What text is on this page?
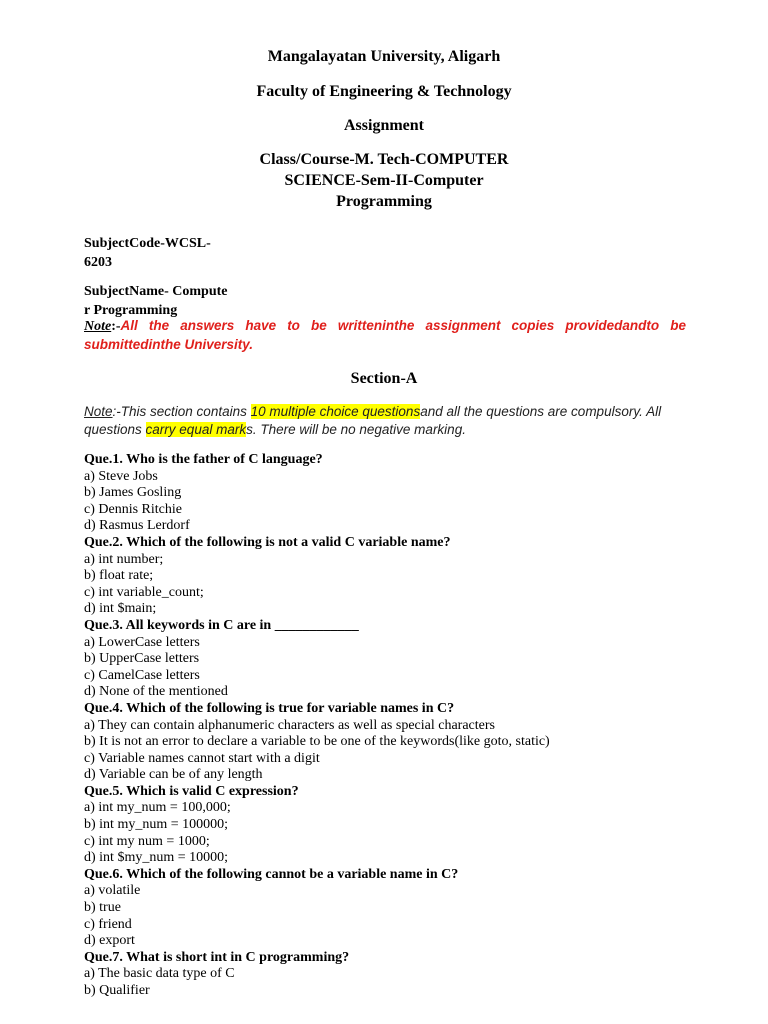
Mangalayatan University, Aligarh
Faculty of Engineering & Technology
Assignment
Class/Course-M. Tech-COMPUTER
SCIENCE-Sem-II-Computer
Programming
SubjectCode-WCSL-
6203
SubjectName- Compute
r Programming
Note:-All the answers have to be writteninthe assignment copies providedandto be submittedinthe University.
Section-A
Note:-This section contains 10 multiple choice questionsand all the questions are compulsory. All questions carry equal marks. There will be no negative marking.
Que.1. Who is the father of C language?
a) Steve Jobs
b) James Gosling
c) Dennis Ritchie
d) Rasmus Lerdorf
Que.2. Which of the following is not a valid C variable name?
a) int number;
b) float rate;
c) int variable_count;
d) int $main;
Que.3. All keywords in C are in ____________
a) LowerCase letters
b) UpperCase letters
c) CamelCase letters
d) None of the mentioned
Que.4. Which of the following is true for variable names in C?
a) They can contain alphanumeric characters as well as special characters
b) It is not an error to declare a variable to be one of the keywords(like goto, static)
c) Variable names cannot start with a digit
d) Variable can be of any length
Que.5. Which is valid C expression?
a) int my_num = 100,000;
b) int my_num = 100000;
c) int my num = 1000;
d) int $my_num = 10000;
Que.6. Which of the following cannot be a variable name in C?
a) volatile
b) true
c) friend
d) export
Que.7. What is short int in C programming?
a) The basic data type of C
b) Qualifier
